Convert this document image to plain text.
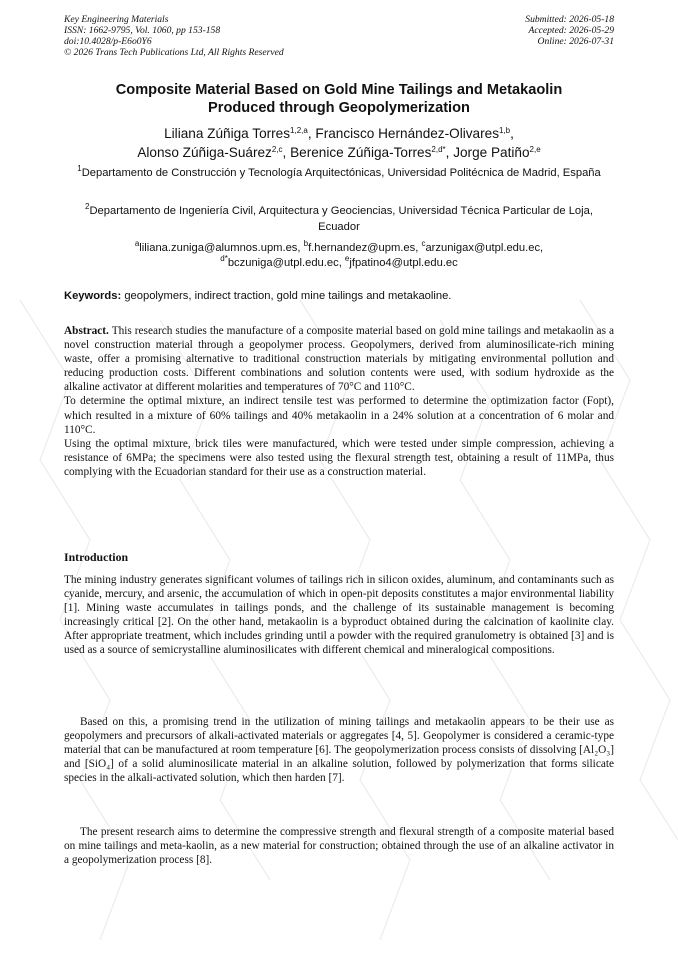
Key Engineering Materials
ISSN: 1662-9795, Vol. 1060, pp 153-158
doi:10.4028/p-E6o0Y6
© 2026 Trans Tech Publications Ltd, All Rights Reserved
Submitted: 2026-05-18
Accepted: 2026-05-29
Online: 2026-07-31
Composite Material Based on Gold Mine Tailings and Metakaolin
Produced through Geopolymerization
Liliana Zúñiga Torres$^{1,2,a}$, Francisco Hernández-Olivares$^{1,b}$,
Alonso Zúñiga-Suárez$^{2,c}$, Berenice Zúñiga-Torres$^{2,d*}$, Jorge Patiño$^{2,e}$
$^1$Departamento de Construcción y Tecnología Arquitectónicas, Universidad Politécnica de Madrid, España
$^2$Departamento de Ingeniería Civil, Arquitectura y Geociencias, Universidad Técnica Particular de Loja, Ecuador
$^a$liliana.zuniga@alumnos.upm.es, $^b$f.hernandez@upm.es, $^c$arzunigax@utpl.edu.ec,
$^{d*}$bczuniga@utpl.edu.ec, $^e$jfpatino4@utpl.edu.ec
Keywords: geopolymers, indirect traction, gold mine tailings and metakaoline.

Abstract. This research studies the manufacture of a composite material based on gold mine tailings and metakaolin as a novel construction material through a geopolymer process. Geopolymers, derived from aluminosilicate-rich mining waste, offer a promising alternative to traditional construction materials by mitigating environmental pollution and reducing production costs. Different combinations and solution contents were used, with sodium hydroxide as the alkaline activator at different molarities and temperatures of 70°C and 110°C.

To determine the optimal mixture, an indirect tensile test was performed to determine the optimization factor (Fopt), which resulted in a mixture of 60% tailings and 40% metakaolin in a 24% solution at a concentration of 6 molar and 110°C.

Using the optimal mixture, brick tiles were manufactured, which were tested under simple compression, achieving a resistance of 6MPa; the specimens were also tested using the flexural strength test, obtaining a result of 11MPa, thus complying with the Ecuadorian standard for their use as a construction material.

Introduction

The mining industry generates significant volumes of tailings rich in silicon oxides, aluminum, and contaminants such as cyanide, mercury, and arsenic, the accumulation of which in open-pit deposits constitutes a major environmental liability [1]. Mining waste accumulates in tailings ponds, and the challenge of its sustainable management is becoming increasingly critical [2]. On the other hand, metakaolin is a byproduct obtained during the calcination of kaolinite clay. After appropriate treatment, which includes grinding until a powder with the required granulometry is obtained [3] and is used as a source of semicrystalline aluminosilicates with different chemical and mineralogical compositions.

Based on this, a promising trend in the utilization of mining tailings and metakaolin appears to be their use as geopolymers and precursors of alkali-activated materials or aggregates [4, 5]. Geopolymer is considered a ceramic-type material that can be manufactured at room temperature [6]. The geopolymerization process consists of dissolving [Al₂O₃] and [SiO₄] of a solid aluminosilicate material in an alkaline solution, followed by polymerization that forms silicate species in the alkali-activated solution, which then harden [7].

The present research aims to determine the compressive strength and flexural strength of a composite material based on mine tailings and meta-kaolin, as a new material for construction; obtained through the use of an alkaline activator in a geopolymerization process [8].
